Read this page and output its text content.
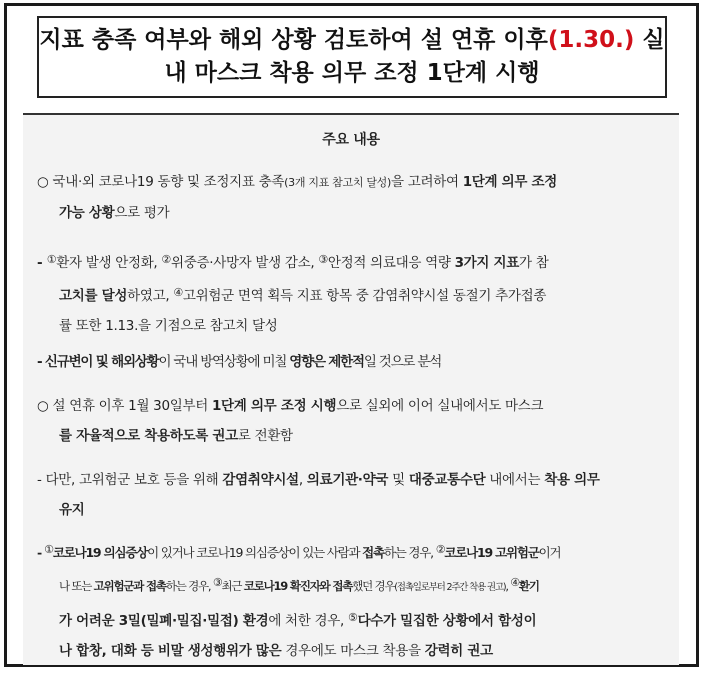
지표 충족 여부와 해외 상황 검토하여 설 연휴 이후(1.30.) 실
내 마스크 착용 의무 조정 1단계 시행
주요 내용
○ 국내·외 코로나19 동향 및 조정지표 충족(3개 지표 참고치 달성)을 고려하여 1단계 의무 조정
가능 상황으로 평가
- ①환자 발생 안정화, ②위중증·사망자 발생 감소, ③안정적 의료대응 역량 3가지 지표가 참
고치를 달성하였고, ④고위험군 면역 획득 지표 항목 중 감염취약시설 동절기 추가접종
률 또한 1.13.을 기점으로 참고치 달성
- 신규변이 및 해외상황이 국내 방역상황에 미칠 영향은 제한적일 것으로 분석
○ 설 연휴 이후 1월 30일부터 1단계 의무 조정 시행으로 실외에 이어 실내에서도 마스크
를 자율적으로 착용하도록 권고로 전환함
- 다만, 고위험군 보호 등을 위해 감염취약시설, 의료기관·약국 및 대중교통수단 내에서는 착용 의무
유지
- ①코로나19 의심증상이 있거나 코로나19 의심증상이 있는 사람과 접촉하는 경우, ②코로나19 고위험군이거
나 또는 고위험군과 접촉하는 경우, ③최근 코로나19 확진자와 접촉했던 경우(접촉일로부터 2주간 착용 권고), ④환기
가 어려운 3밀(밀폐·밀집·밀접) 환경에 처한 경우, ⑤다수가 밀집한 상황에서 함성이
나 합창, 대화 등 비말 생성행위가 많은 경우에도 마스크 착용을 강력히 권고
